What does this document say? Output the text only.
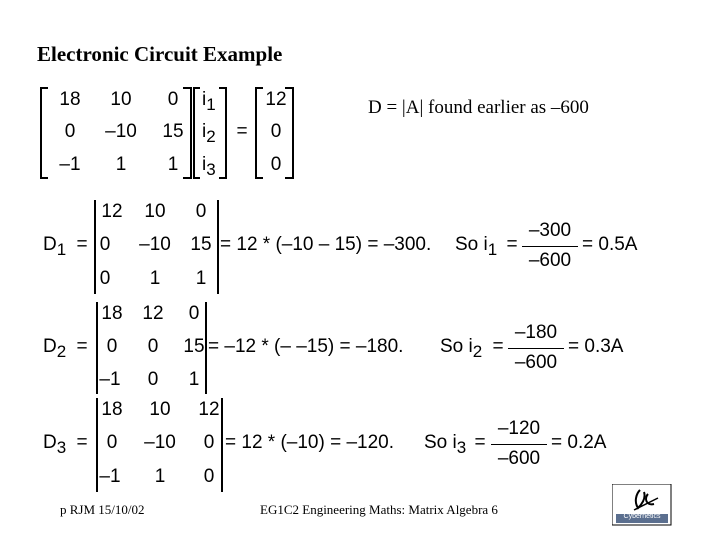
Electronic Circuit Example
D = |A| found earlier as –600
18	10	0
0	–10	15
–1	1	1
i1
i2
i3
=
12
0
0
D1 =
12	10	0
0	–10	15
0	1	1
= 12 * (–10 – 15) = –300. So i1 =
–300
–600
= 0.5A
D2 =
18	12	0
0	0	15
–1	0	1
= –12 * (– –15) = –180. So i2 =
–180
–600
= 0.3A
D3 =
18	10	12
0	–10	0
–1	1	0
= 12 * (–10) = –120. So i3 =
–120
–600
= 0.2A
p RJM 15/10/02	EG1C2 Engineering Maths: Matrix Algebra 6	Cybernetics
